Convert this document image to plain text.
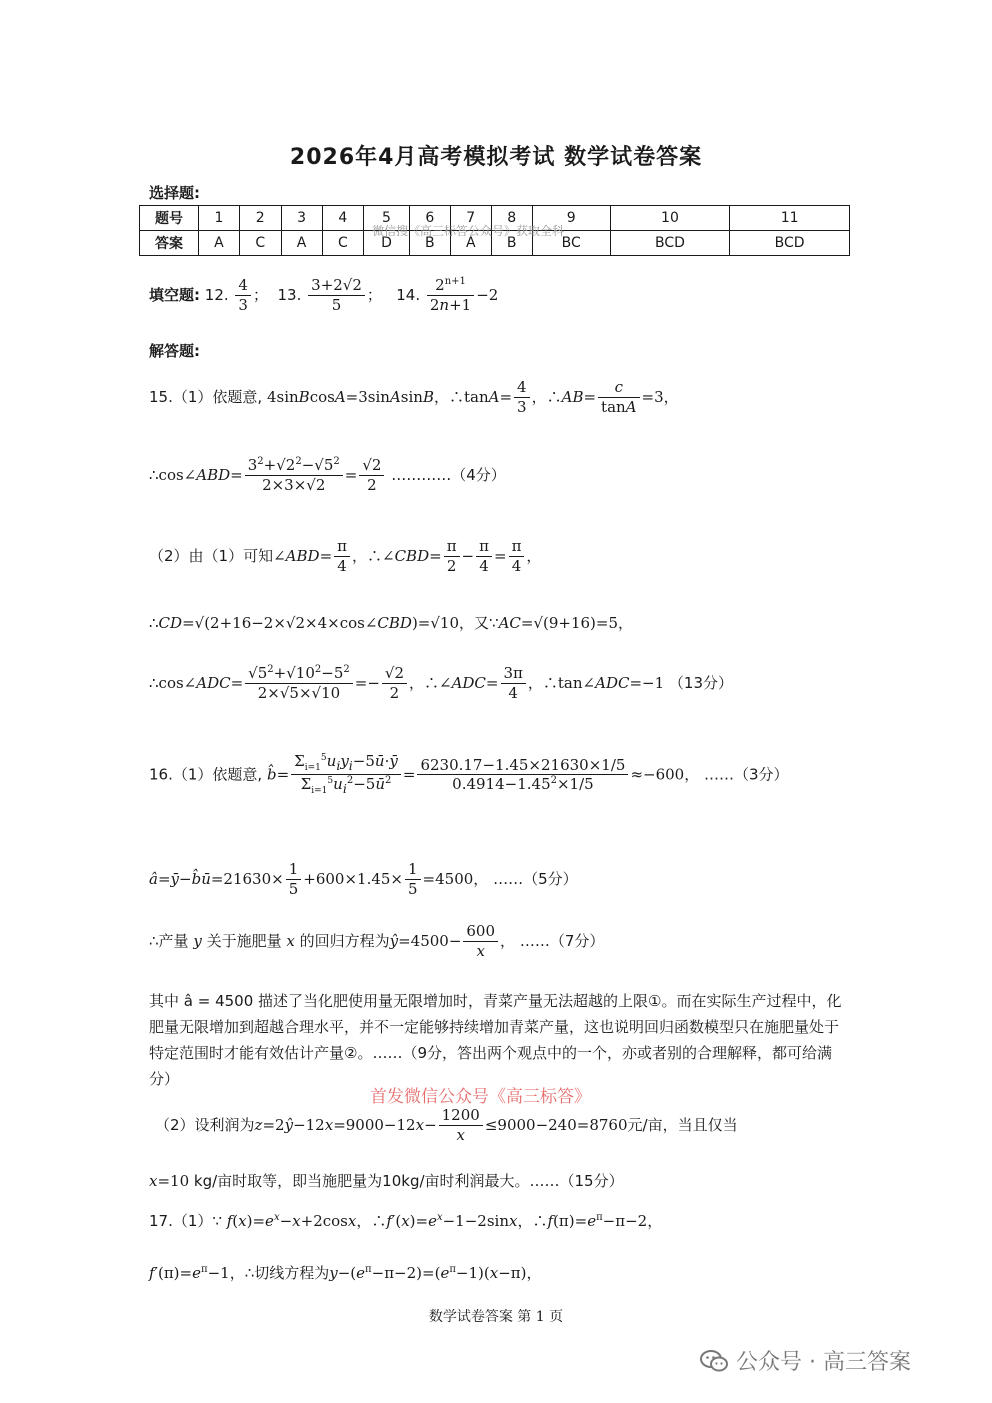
2026年4月高考模拟考试 数学试卷答案
选择题:
题号	1	2	3	4	5	6	7	8	9	10	11
答案	A	C	A	C	D	B	A	B	BC	BCD	BCD
微信搜《高三标答公众号》获取全科
填空题: 12. $\frac{4}{3}$ ；  13. $\frac{3+2√2}{5}$ ；   14. $\frac{2^{n+1}}{2n+1} -2$
解答题:
15.（1）依题意, 4sinBcosA=3sinAsinB，∴tanA= $\frac{4}{3}$ ，∴AB= $\frac{c}{\tan A} =3$，
∴cos∠ABD= $\frac{3^2+√2^2-√5^2}{2\times 3\times√2} = \frac{√2}{2}$ …………（4分）
（2）由（1）可知∠ABD= $\frac{\pi}{4}$ ，∴∠CBD= $\frac{\pi}{2} - \frac{\pi}{4} = \frac{\pi}{4}$ ，
∴CD=√(2+16−2×√2×4×cos∠CBD)=√10，又∵AC=√(9+16)=5，
∴cos∠ADC= $\frac{√5^2+√10^2-5^2}{2\times√5\times√10} =- \frac{√2}{2}$ ，∴∠ADC= $\frac{3\pi}{4}$ ，∴tan∠ADC=−1 （13分）
16.（1）依题意, b̂= $\frac{\Sigma_{i=1}^5u_iy_i-5ū\cdot ȳ}{\Sigma_{i=1}^5u_i^2-5ū^2} = \frac{6230.17-1.45\times 21630\times 1/5}{0.4914-1.45^2\times 1/5} \approx-600$， ……（3分）
â=ȳ−b̂ū=21630× $\frac{1}{5} +600\times 1.45\times \frac{1}{5} =4500$， ……（5分）
∴产量 y 关于施肥量 x 的回归方程为ŷ=4500− $\frac{600}{x}$ ， ……（7分）
其中 â = 4500 描述了当化肥使用量无限增加时，青菜产量无法超越的上限①。而在实际生产过程中，化肥量无限增加到超越合理水平，并不一定能够持续增加青菜产量，这也说明回归函数模型只在施肥量处于特定范围时才能有效估计产量②。……（9分，答出两个观点中的一个，亦或者别的合理解释，都可给满分）
首发微信公众号《高三标答》
（2）设利润为z=2ŷ−12x=9000−12x− $\frac{1200}{x} \le 9000-240=8760$元/亩，当且仅当
x=10 kg/亩时取等，即当施肥量为10kg/亩时利润最大。……（15分）
17.（1）∵ $f(x)=e^x-x+2\cos x$，$\therefore f'(x)=e^x-1-2\sin x$，$\therefore f(\pi)=e^\pi-\pi-2$，
$f'(\pi)=e^\pi-1$，∴切线方程为$y-(e^\pi-\pi-2)=(e^\pi-1)(x-\pi)$，
数学试卷答案 第 1 页
公众号 · 高三答案
